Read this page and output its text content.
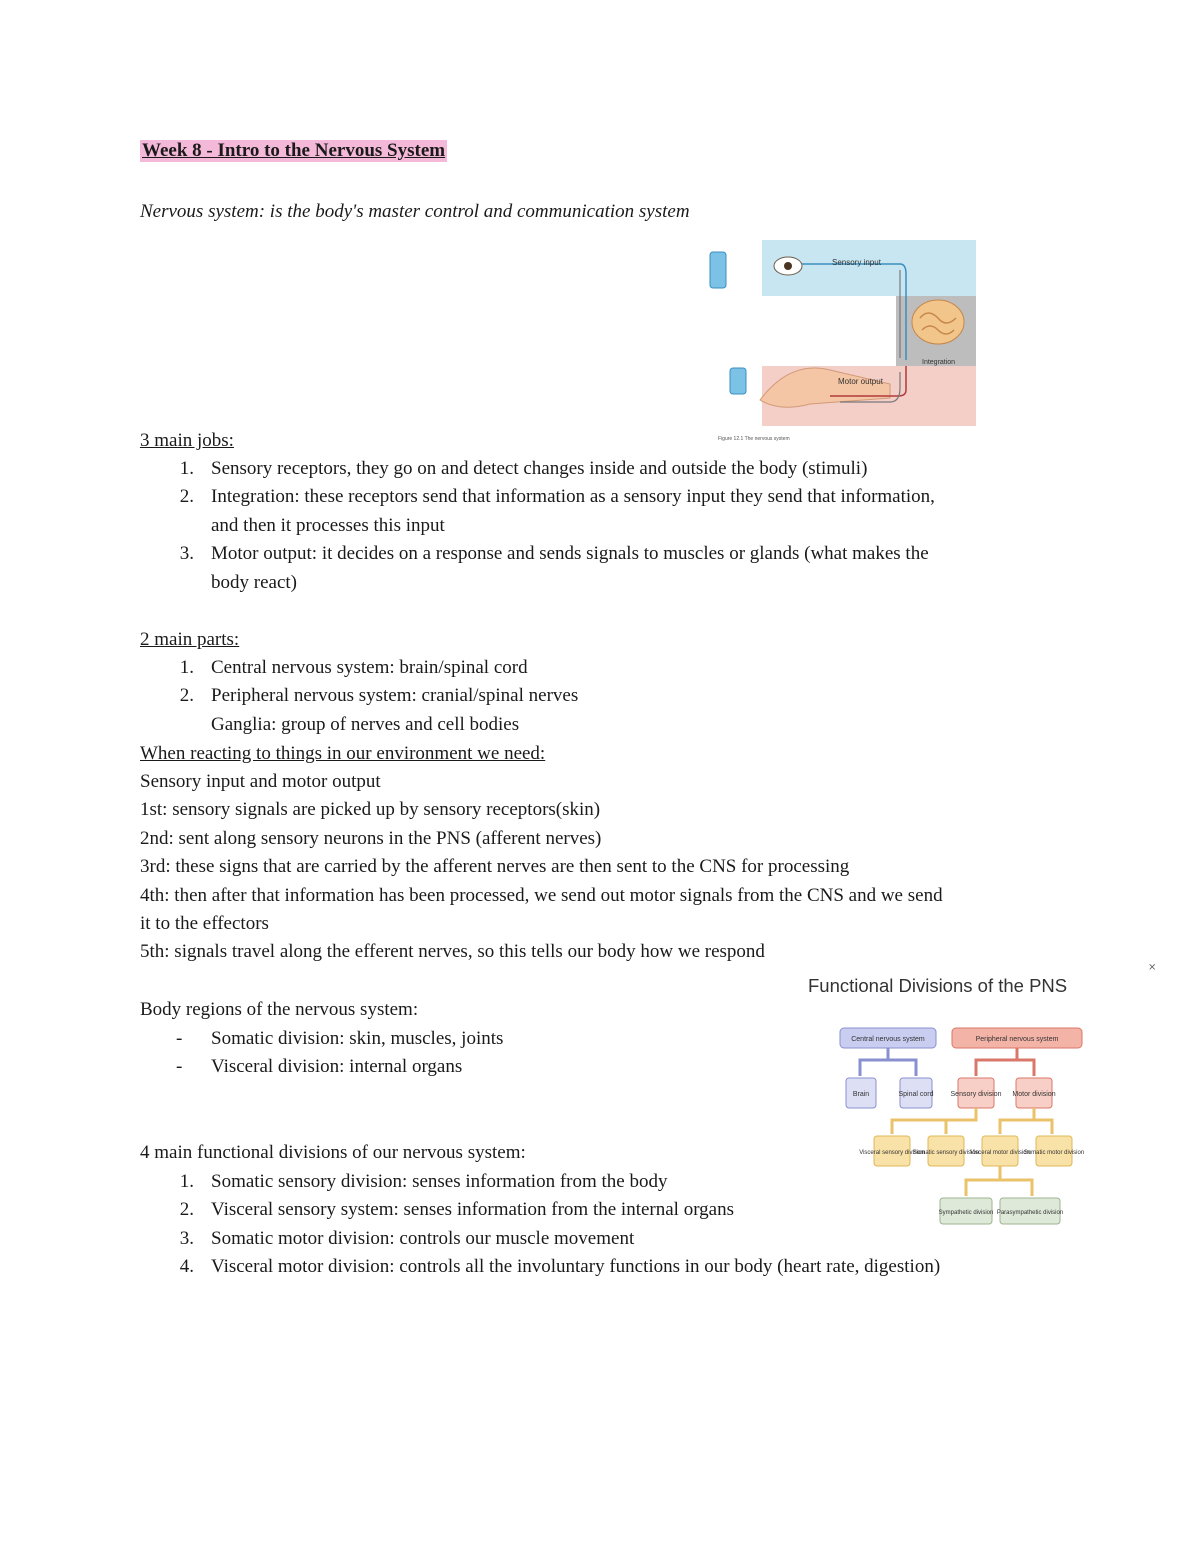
Week 8 - Intro to the Nervous System
Nervous system: is the body's master control and communication system
Sensory input
Integration
Motor output
Figure 12.1 The nervous system
3 main jobs:
1. Sensory receptors, they go on and detect changes inside and outside the body (stimuli)
2. Integration: these receptors send that information as a sensory input they send that information,
and then it processes this input
3. Motor output: it decides on a response and sends signals to muscles or glands (what makes the
body react)
2 main parts:
1. Central nervous system: brain/spinal cord
2. Peripheral nervous system: cranial/spinal nerves
Ganglia: group of nerves and cell bodies
When reacting to things in our environment we need:
Sensory input and motor output
1st: sensory signals are picked up by sensory receptors(skin)
2nd: sent along sensory neurons in the PNS (afferent nerves)
3rd: these signs that are carried by the afferent nerves are then sent to the CNS for processing
4th: then after that information has been processed, we send out motor signals from the CNS and we send
it to the effectors
5th: signals travel along the efferent nerves, so this tells our body how we respond
Functional Divisions of the PNS
Central nervous system	Peripheral nervous system
Brain	Spinal cord Sensory division Motor division
Visceral sensory division
Somatic sensory division
Visceral motor division
Somatic motor division
Sympathetic division Parasympathetic division
⨯
Body regions of the nervous system:
- Somatic division: skin, muscles, joints
- Visceral division: internal organs
4 main functional divisions of our nervous system:
1. Somatic sensory division: senses information from the body
2. Visceral sensory system: senses information from the internal organs
3. Somatic motor division: controls our muscle movement
4. Visceral motor division: controls all the involuntary functions in our body (heart rate, digestion)
